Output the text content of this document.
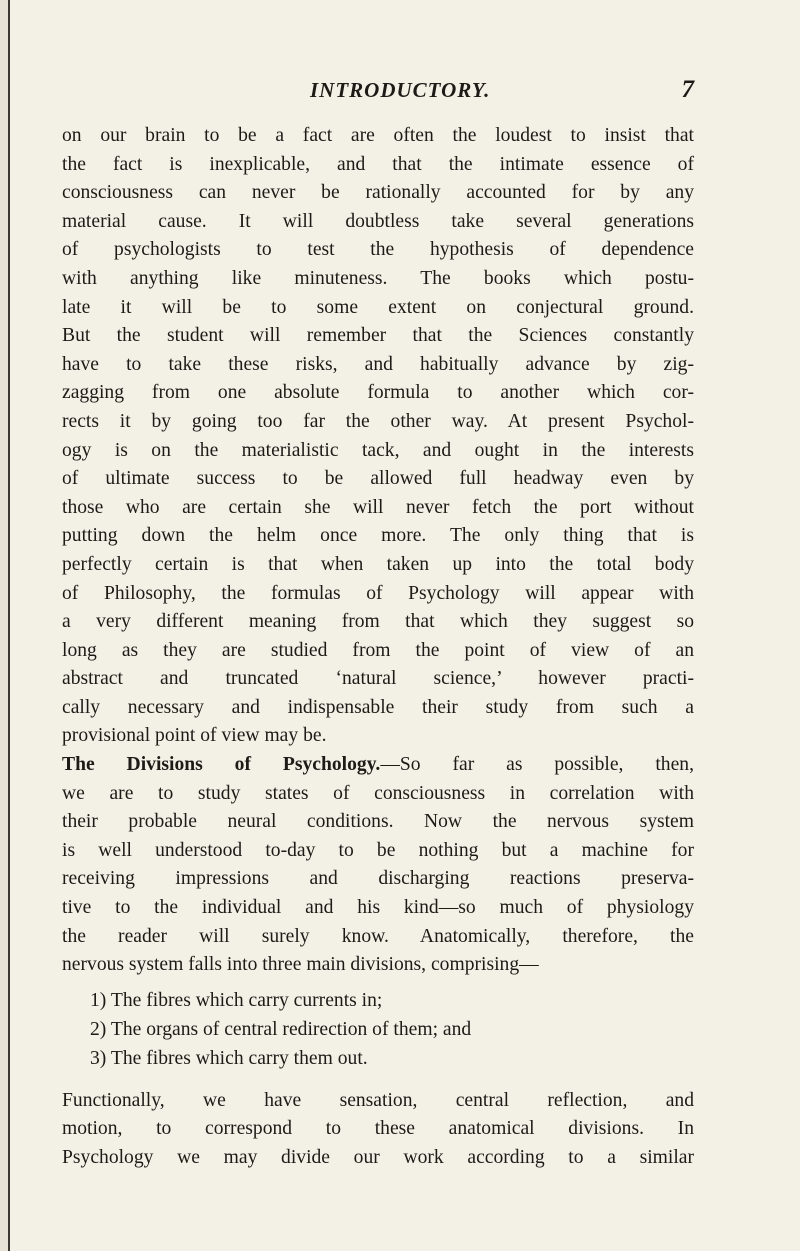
INTRODUCTORY.	7
on our brain to be a fact are often the loudest to insist that
the fact is inexplicable, and that the intimate essence of
consciousness can never be rationally accounted for by any
material cause. It will doubtless take several generations
of psychologists to test the hypothesis of dependence
with anything like minuteness. The books which postu-
late it will be to some extent on conjectural ground.
But the student will remember that the Sciences constantly
have to take these risks, and habitually advance by zig-
zagging from one absolute formula to another which cor-
rects it by going too far the other way. At present Psychol-
ogy is on the materialistic tack, and ought in the interests
of ultimate success to be allowed full headway even by
those who are certain she will never fetch the port without
putting down the helm once more. The only thing that is
perfectly certain is that when taken up into the total body
of Philosophy, the formulas of Psychology will appear with
a very different meaning from that which they suggest so
long as they are studied from the point of view of an
abstract and truncated ‘natural science,’ however practi-
cally necessary and indispensable their study from such a
provisional point of view may be.
The Divisions of Psychology.—So far as possible, then,
we are to study states of consciousness in correlation with
their probable neural conditions. Now the nervous system
is well understood to-day to be nothing but a machine for
receiving impressions and discharging reactions preserva-
tive to the individual and his kind—so much of physiology
the reader will surely know. Anatomically, therefore, the
nervous system falls into three main divisions, comprising—
1) The fibres which carry currents in;
2) The organs of central redirection of them; and
3) The fibres which carry them out.
Functionally, we have sensation, central reflection, and
motion, to correspond to these anatomical divisions. In
Psychology we may divide our work according to a similar
